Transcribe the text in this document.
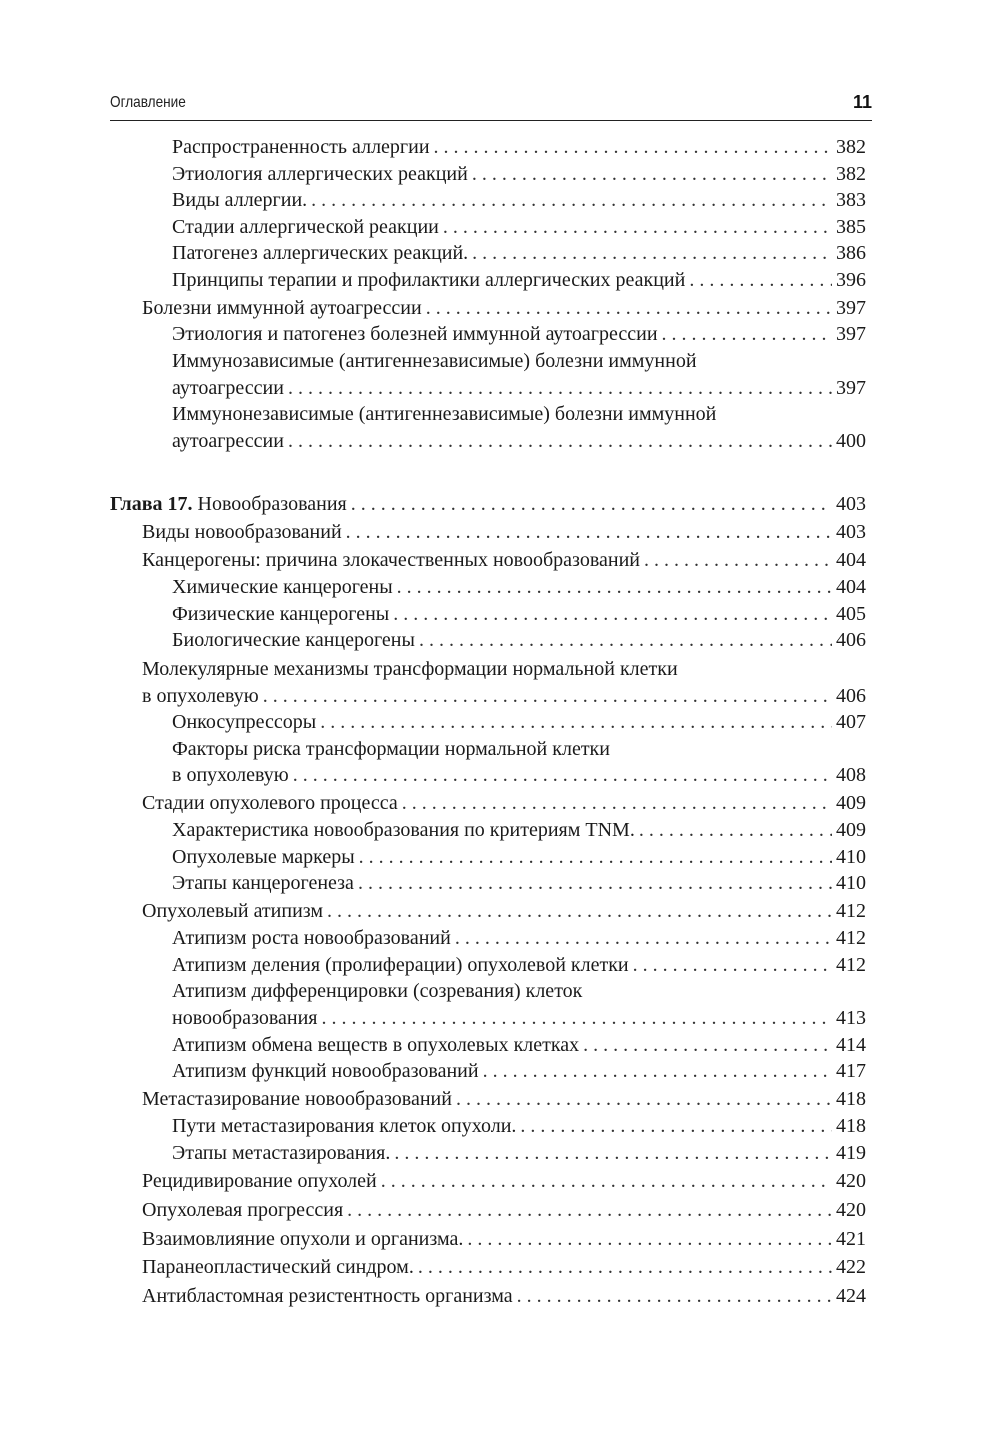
Оглавление	11
Распространенность аллергии . . .	382
Этиология аллергических реакций . . .	382
Виды аллергии. . . .	383
Стадии аллергической реакции . . .	385
Патогенез аллергических реакций. . . .	386
Принципы терапии и профилактики аллергических реакций . . .	396
Болезни иммунной аутоагрессии . . .	397
Этиология и патогенез болезней иммунной аутоагрессии . . .	397
Иммунозависимые (антигеннезависимые) болезни иммунной
аутоагрессии . . .	397
Иммунонезависимые (антигеннезависимые) болезни иммунной
аутоагрессии . . .	400
Глава 17. Новообразования . . .	403
Виды новообразований . . .	403
Канцерогены: причина злокачественных новообразований . . .	404
Химические канцерогены . . .	404
Физические канцерогены . . .	405
Биологические канцерогены . . .	406
Молекулярные механизмы трансформации нормальной клетки
в опухолевую . . .	406
Онкосупрессоры . . .	407
Факторы риска трансформации нормальной клетки
в опухолевую . . .	408
Стадии опухолевого процесса . . .	409
Характеристика новообразования по критериям TNM. . . .	409
Опухолевые маркеры . . .	410
Этапы канцерогенеза . . .	410
Опухолевый атипизм . . .	412
Атипизм роста новообразований . . .	412
Атипизм деления (пролиферации) опухолевой клетки . . .	412
Атипизм дифференцировки (созревания) клеток
новообразования . . .	413
Атипизм обмена веществ в опухолевых клетках . . .	414
Атипизм функций новообразований . . .	417
Метастазирование новообразований . . .	418
Пути метастазирования клеток опухоли. . . .	418
Этапы метастазирования. . . .	419
Рецидивирование опухолей . . .	420
Опухолевая прогрессия . . .	420
Взаимовлияние опухоли и организма. . . .	421
Паранеопластический синдром. . . .	422
Антибластомная резистентность организма . . .	424
